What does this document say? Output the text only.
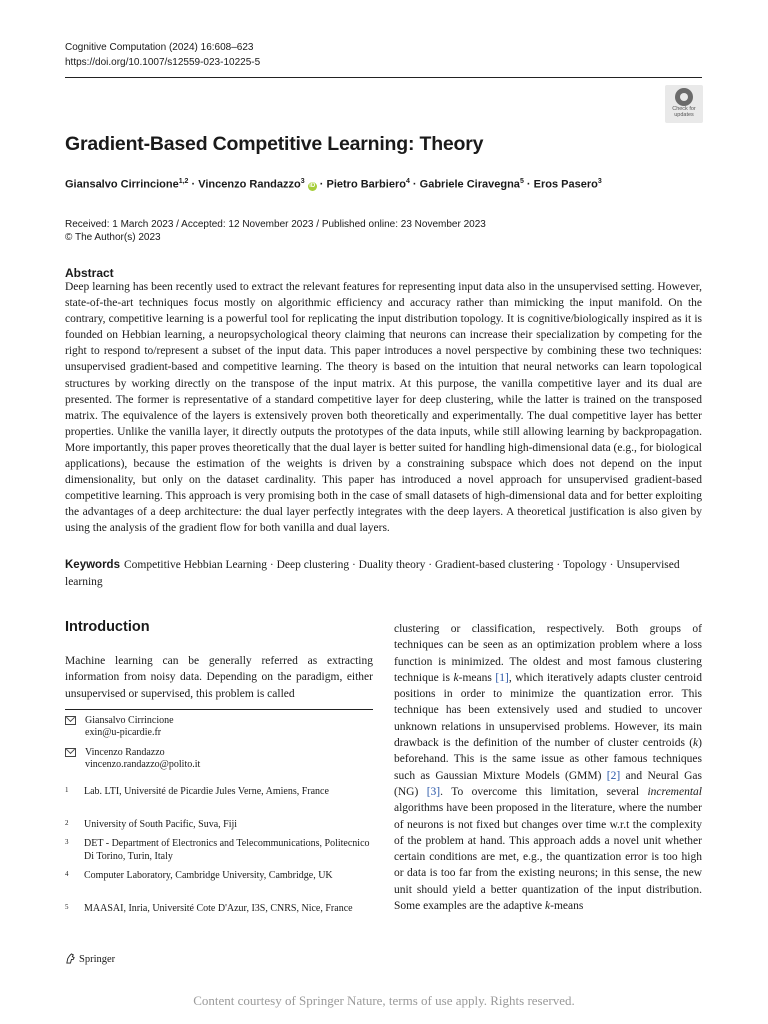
Cognitive Computation (2024) 16:608–623
https://doi.org/10.1007/s12559-023-10225-5
Check for
updates
Gradient-Based Competitive Learning: Theory
Giansalvo Cirrincione$^{1,2}$ · Vincenzo Randazzo$^3$ iD · Pietro Barbiero$^4$ · Gabriele Ciravegna$^5$ · Eros Pasero$^3$
Received: 1 March 2023 / Accepted: 12 November 2023 / Published online: 23 November 2023
© The Author(s) 2023
Abstract

Deep learning has been recently used to extract the relevant features for representing input data also in the unsupervised setting. However, state-of-the-art techniques focus mostly on algorithmic efficiency and accuracy rather than mimicking the input manifold. On the contrary, competitive learning is a powerful tool for replicating the input distribution topology. It is cognitive/biologically inspired as it is founded on Hebbian learning, a neuropsychological theory claiming that neurons can increase their specialization by competing for the right to respond to/represent a subset of the input data. This paper introduces a novel perspective by combining these two techniques: unsupervised gradient-based and competitive learning. The theory is based on the intuition that neural networks can learn topological structures by working directly on the transpose of the input matrix. At this purpose, the vanilla competitive layer and its dual are presented. The former is representative of a standard competitive layer for deep clustering, while the latter is trained on the transposed matrix. The equivalence of the layers is extensively proven both theoretically and experimentally. The dual competitive layer has better properties. Unlike the vanilla layer, it directly outputs the prototypes of the data inputs, while still allowing learning by backpropagation. More importantly, this paper proves theoretically that the dual layer is better suited for handling high-dimensional data (e.g., for biological applications), because the estimation of the weights is driven by a constraining subspace which does not depend on the input dimensionality, but only on the dataset cardinality. This paper has introduced a novel approach for unsupervised gradient-based competitive learning. This approach is very promising both in the case of small datasets of high-dimensional data and for better exploiting the advantages of a deep architecture: the dual layer perfectly integrates with the deep layers. A theoretical justification is also given by using the analysis of the gradient flow for both vanilla and dual layers.

Keywords Competitive Hebbian Learning · Deep clustering · Duality theory · Gradient-based clustering · Topology · Unsupervised learning

Introduction

Machine learning can be generally referred as extracting information from noisy data. Depending on the paradigm, either unsupervised or supervised, this problem is called

Giansalvo Cirrincione
exin@u-picardie.fr
Vincenzo Randazzo
vincenzo.randazzo@polito.it
1 Lab. LTI, Université de Picardie Jules Verne, Amiens, France
2 University of South Pacific, Suva, Fiji
3 DET - Department of Electronics and Telecommunications, Politecnico Di Torino, Turin, Italy
4 Computer Laboratory, Cambridge University, Cambridge, UK
5 MAASAI, Inria, Université Cote D'Azur, I3S, CNRS, Nice, France

clustering or classification, respectively. Both groups of techniques can be seen as an optimization problem where a loss function is minimized. The oldest and most famous clustering technique is k-means [1], which iteratively adapts cluster centroid positions in order to minimize the quantization error. This technique has been extensively used and studied to uncover unknown relations in unsupervised problems. However, its main drawback is the definition of the number of cluster centroids (k) beforehand. This is the same issue as other famous techniques such as Gaussian Mixture Models (GMM) [2] and Neural Gas (NG) [3]. To overcome this limitation, several incremental algorithms have been proposed in the literature, where the number of neurons is not fixed but changes over time w.r.t the complexity of the problem at hand. This approach adds a novel unit whether certain conditions are met, e.g., the quantization error is too high or data is too far from the existing neurons; in this sense, the new unit should yield a better quantization of the input distribution. Some examples are the adaptive k-means

Springer
Content courtesy of Springer Nature, terms of use apply. Rights reserved.
